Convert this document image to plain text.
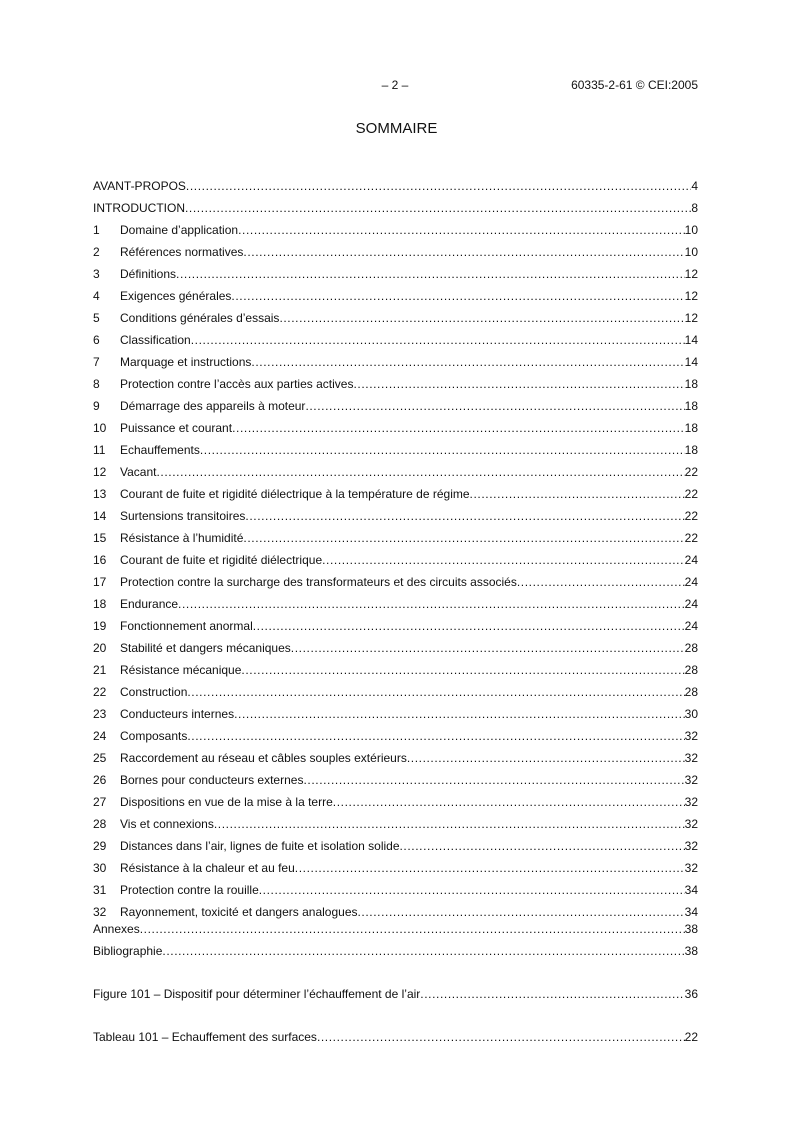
– 2 –	60335-2-61 © CEI:2005
SOMMAIRE
AVANT-PROPOS .....	4
INTRODUCTION .....	8
1	Domaine d’application .....	10
2	Références normatives .....	10
3	Définitions .....	12
4	Exigences générales .....	12
5	Conditions générales d’essais .....	12
6	Classification .....	14
7	Marquage et instructions .....	14
8	Protection contre l’accès aux parties actives .....	18
9	Démarrage des appareils à moteur .....	18
10	Puissance et courant .....	18
11	Echauffements .....	18
12	Vacant .....	22
13	Courant de fuite et rigidité diélectrique à la température de régime .....	22
14	Surtensions transitoires .....	22
15	Résistance à l’humidité .....	22
16	Courant de fuite et rigidité diélectrique .....	24
17	Protection contre la surcharge des transformateurs et des circuits associés .....	24
18	Endurance .....	24
19	Fonctionnement anormal .....	24
20	Stabilité et dangers mécaniques .....	28
21	Résistance mécanique .....	28
22	Construction .....	28
23	Conducteurs internes .....	30
24	Composants .....	32
25	Raccordement au réseau et câbles souples extérieurs .....	32
26	Bornes pour conducteurs externes .....	32
27	Dispositions en vue de la mise à la terre .....	32
28	Vis et connexions .....	32
29	Distances dans l’air, lignes de fuite et isolation solide .....	32
30	Résistance à la chaleur et au feu .....	32
31	Protection contre la rouille .....	34
32	Rayonnement, toxicité et dangers analogues .....	34
Annexes .....	38
Bibliographie .....	38
Figure 101 – Dispositif pour déterminer l’échauffement de l’air .....	36
Tableau 101 – Echauffement des surfaces .....	22
